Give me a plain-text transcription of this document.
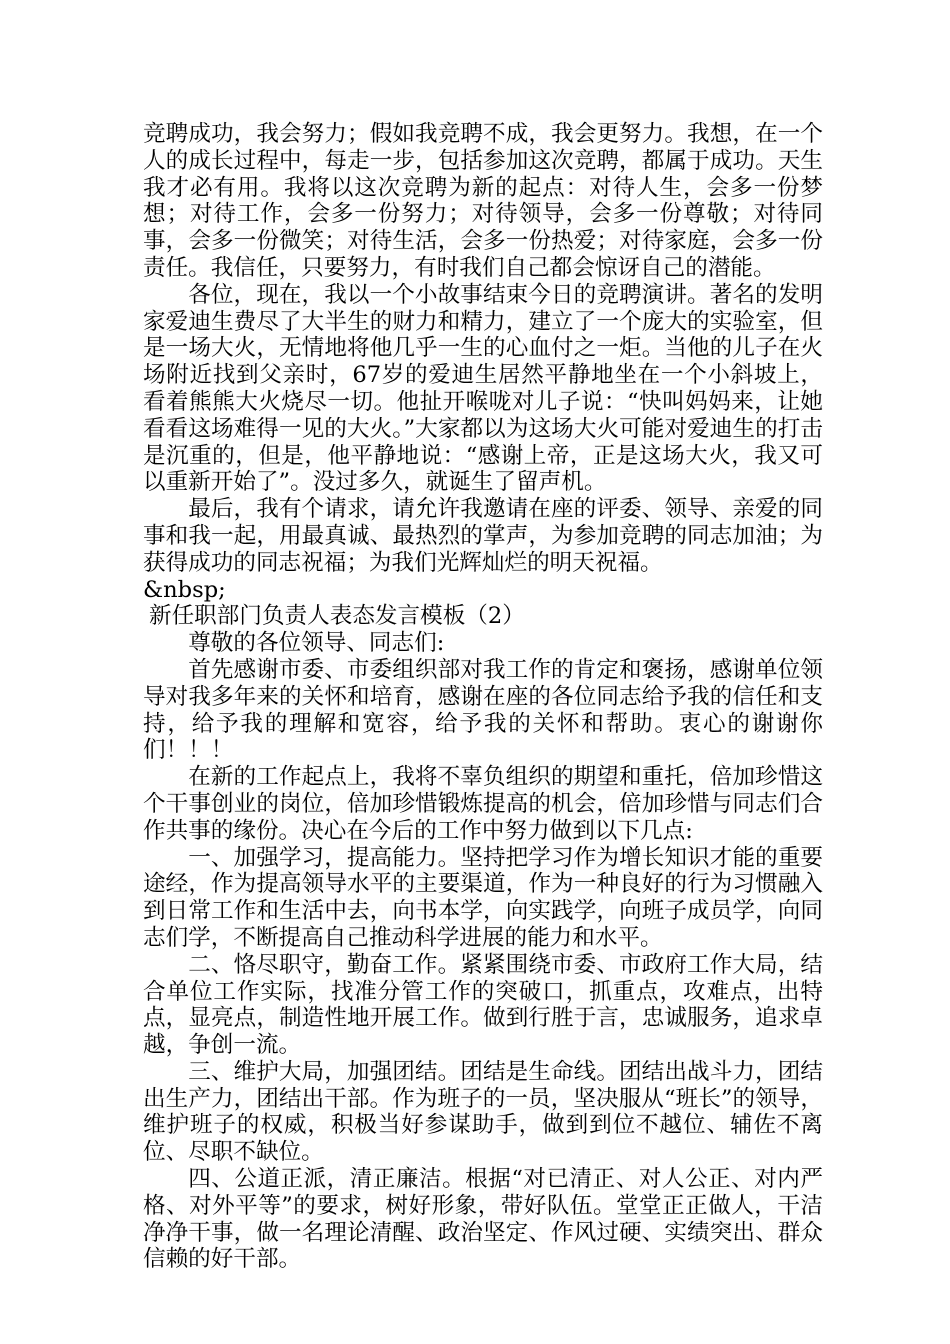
竞聘成功，我会努力；假如我竞聘不成，我会更努力。我想，在一个人的成长过程中，每走一步，包括参加这次竞聘，都属于成功。天生我才必有用。我将以这次竞聘为新的起点：对待人生，会多一份梦想；对待工作，会多一份努力；对待领导，会多一份尊敬；对待同事，会多一份微笑；对待生活，会多一份热爱；对待家庭，会多一份责任。我信任，只要努力，有时我们自己都会惊讶自己的潜能。

各位，现在，我以一个小故事结束今日的竞聘演讲。著名的发明家爱迪生费尽了大半生的财力和精力，建立了一个庞大的实验室，但是一场大火，无情地将他几乎一生的心血付之一炬。当他的儿子在火场附近找到父亲时，67岁的爱迪生居然平静地坐在一个小斜坡上，看着熊熊大火烧尽一切。他扯开喉咙对儿子说：“快叫妈妈来，让她看看这场难得一见的大火。”大家都以为这场大火可能对爱迪生的打击是沉重的，但是，他平静地说：“感谢上帝，正是这场大火，我又可以重新开始了”。没过多久，就诞生了留声机。

最后，我有个请求，请允许我邀请在座的评委、领导、亲爱的同事和我一起，用最真诚、最热烈的掌声，为参加竞聘的同志加油；为获得成功的同志祝福；为我们光辉灿烂的明天祝福。

&nbsp;

新任职部门负责人表态发言模板（2）

尊敬的各位领导、同志们:

首先感谢市委、市委组织部对我工作的肯定和褒扬，感谢单位领导对我多年来的关怀和培育，感谢在座的各位同志给予我的信任和支持，给予我的理解和宽容，给予我的关怀和帮助。衷心的谢谢你们！！！

在新的工作起点上，我将不辜负组织的期望和重托，倍加珍惜这个干事创业的岗位，倍加珍惜锻炼提高的机会，倍加珍惜与同志们合作共事的缘份。决心在今后的工作中努力做到以下几点:

一、加强学习，提高能力。坚持把学习作为增长知识才能的重要途经，作为提高领导水平的主要渠道，作为一种良好的行为习惯融入到日常工作和生活中去，向书本学，向实践学，向班子成员学，向同志们学，不断提高自己推动科学进展的能力和水平。

二、恪尽职守，勤奋工作。紧紧围绕市委、市政府工作大局，结合单位工作实际，找准分管工作的突破口，抓重点，攻难点，出特点，显亮点，制造性地开展工作。做到行胜于言，忠诚服务，追求卓越，争创一流。

三、维护大局，加强团结。团结是生命线。团结出战斗力，团结出生产力，团结出干部。作为班子的一员，坚决服从“班长”的领导，维护班子的权威，积极当好参谋助手，做到到位不越位、辅佐不离位、尽职不缺位。

四、公道正派，清正廉洁。根据“对已清正、对人公正、对内严格、对外平等”的要求，树好形象，带好队伍。堂堂正正做人，干洁净净干事，做一名理论清醒、政治坚定、作风过硬、实绩突出、群众信赖的好干部。
